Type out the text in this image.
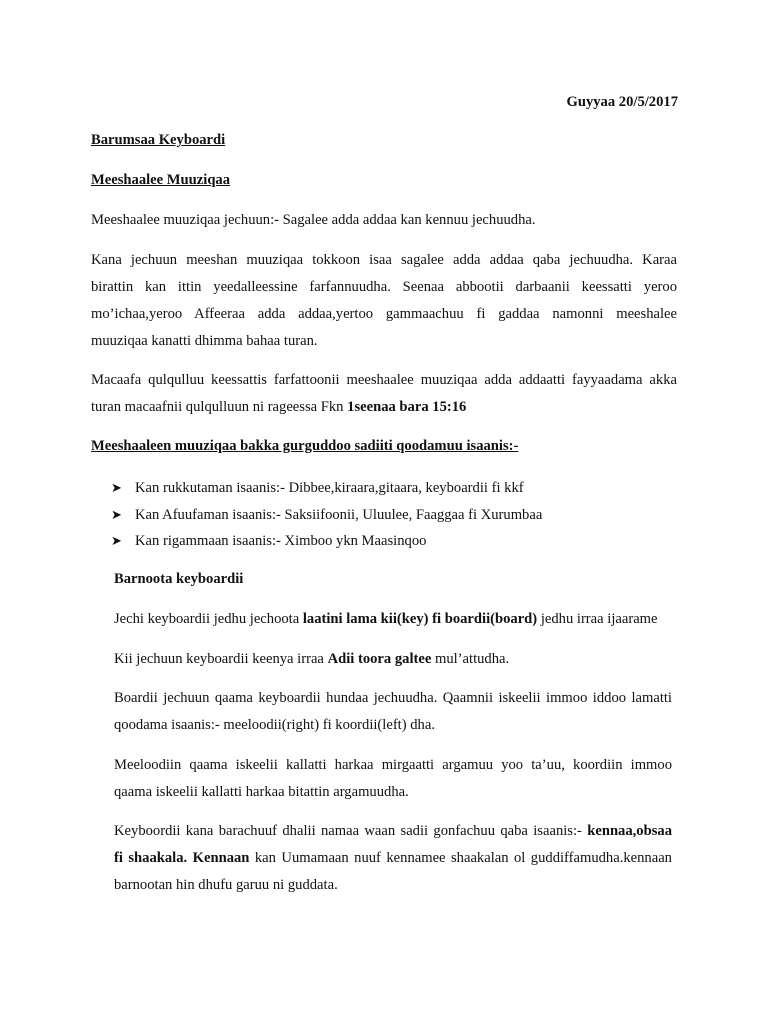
Guyyaa 20/5/2017
Barumsaa Keyboardi
Meeshaalee Muuziqaa
Meeshaalee muuziqaa jechuun:- Sagalee adda addaa kan kennuu jechuudha.
Kana jechuun meeshan muuziqaa tokkoon isaa sagalee adda addaa qaba jechuudha. Karaa
birattin kan ittin yeedalleessine farfannuudha. Seenaa abbootii darbaanii keessatti yeroo
mo’ichaa,yeroo Affeeraa adda addaa,yertoo gammaachuu fi gaddaa namonni meeshalee
muuziqaa kanatti dhimma bahaa turan.
Macaafa qulqulluu keessattis farfattoonii meeshaalee muuziqaa adda addaatti fayyaadama akka
turan macaafnii qulqulluun ni rageessa Fkn 1seenaa bara 15:16
Meeshaaleen muuziqaa bakka gurguddoo sadiiti qoodamuu isaanis:-
➤ Kan rukkutaman isaanis:- Dibbee,kiraara,gitaara, keyboardii fi kkf
➤ Kan Afuufaman isaanis:- Saksiifoonii, Uluulee, Faaggaa fi Xurumbaa
➤ Kan rigammaan isaanis:- Ximboo ykn Maasinqoo
Barnoota keyboardii
Jechi keyboardii jedhu jechoota laatini lama kii(key) fi boardii(board) jedhu irraa ijaarame
Kii jechuun keyboardii keenya irraa Adii toora galtee mul’attudha.
Boardii jechuun qaama keyboardii hundaa jechuudha. Qaamnii iskeelii immoo iddoo lamatti
qoodama isaanis:- meeloodii(right) fi koordii(left) dha.
Meeloodiin qaama iskeelii kallatti harkaa mirgaatti argamuu yoo ta’uu, koordiin immoo
qaama iskeelii kallatti harkaa bitattin argamuudha.
Keyboordii kana barachuuf dhalii namaa waan sadii gonfachuu qaba isaanis:- kennaa,obsaa
fi shaakala. Kennaan kan Uumamaan nuuf kennamee shaakalan ol guddiffamudha.kennaan
barnootan hin dhufu garuu ni guddata.
